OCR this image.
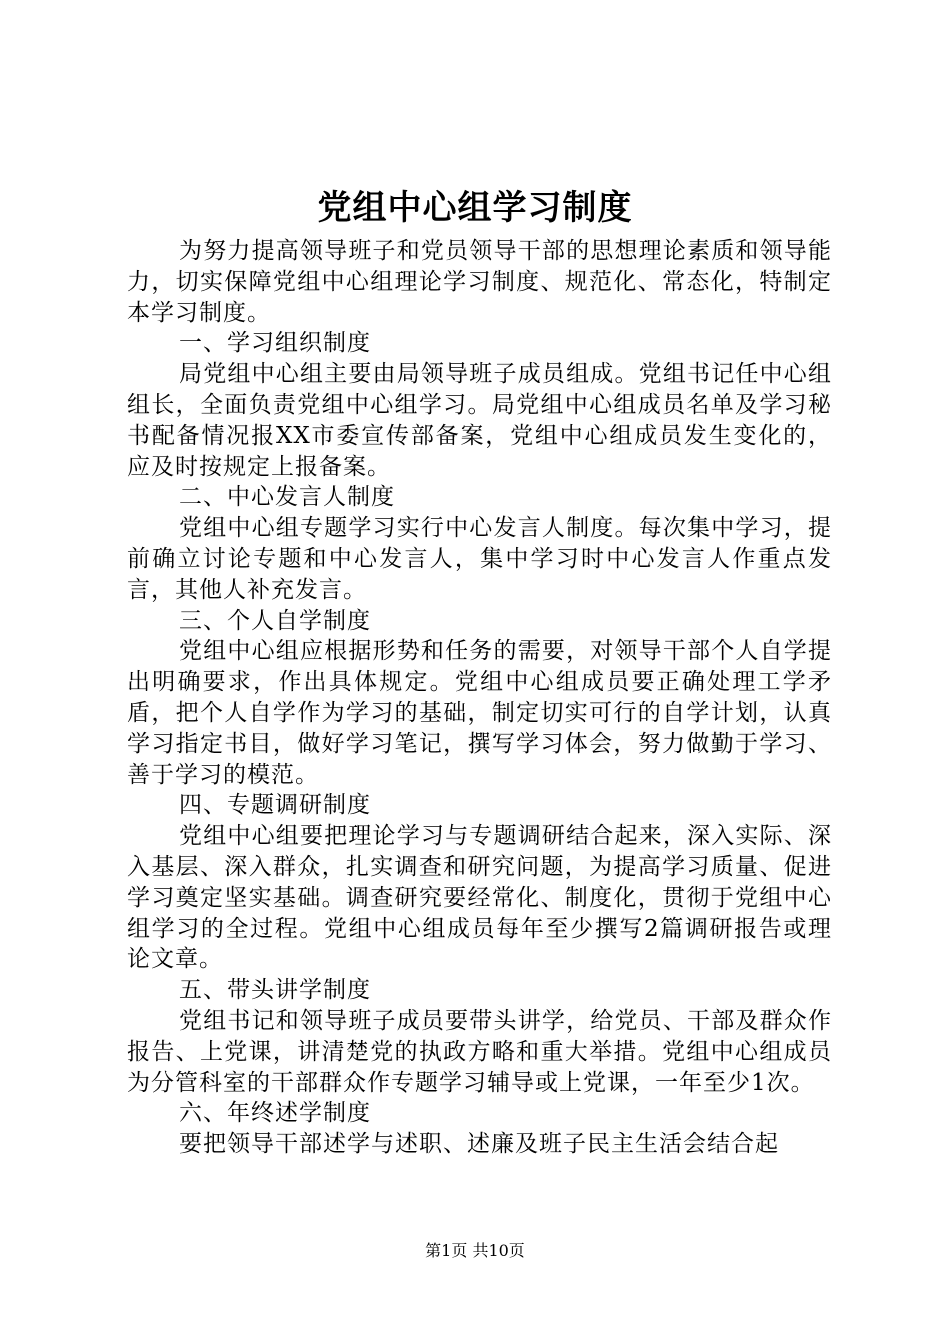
党组中心组学习制度

为努力提高领导班子和党员领导干部的思想理论素质和领导能力，切实保障党组中心组理论学习制度、规范化、常态化，特制定本学习制度。

一、学习组织制度

局党组中心组主要由局领导班子成员组成。党组书记任中心组组长，全面负责党组中心组学习。局党组中心组成员名单及学习秘书配备情况报XX市委宣传部备案，党组中心组成员发生变化的，应及时按规定上报备案。

二、中心发言人制度

党组中心组专题学习实行中心发言人制度。每次集中学习，提前确立讨论专题和中心发言人，集中学习时中心发言人作重点发言，其他人补充发言。

三、个人自学制度

党组中心组应根据形势和任务的需要，对领导干部个人自学提出明确要求，作出具体规定。党组中心组成员要正确处理工学矛盾，把个人自学作为学习的基础，制定切实可行的自学计划，认真学习指定书目，做好学习笔记，撰写学习体会，努力做勤于学习、善于学习的模范。

四、专题调研制度

党组中心组要把理论学习与专题调研结合起来，深入实际、深入基层、深入群众，扎实调查和研究问题，为提高学习质量、促进学习奠定坚实基础。调查研究要经常化、制度化，贯彻于党组中心组学习的全过程。党组中心组成员每年至少撰写2篇调研报告或理论文章。

五、带头讲学制度

党组书记和领导班子成员要带头讲学，给党员、干部及群众作报告、上党课，讲清楚党的执政方略和重大举措。党组中心组成员为分管科室的干部群众作专题学习辅导或上党课，一年至少1次。

六、年终述学制度

要把领导干部述学与述职、述廉及班子民主生活会结合起

第1页 共10页
